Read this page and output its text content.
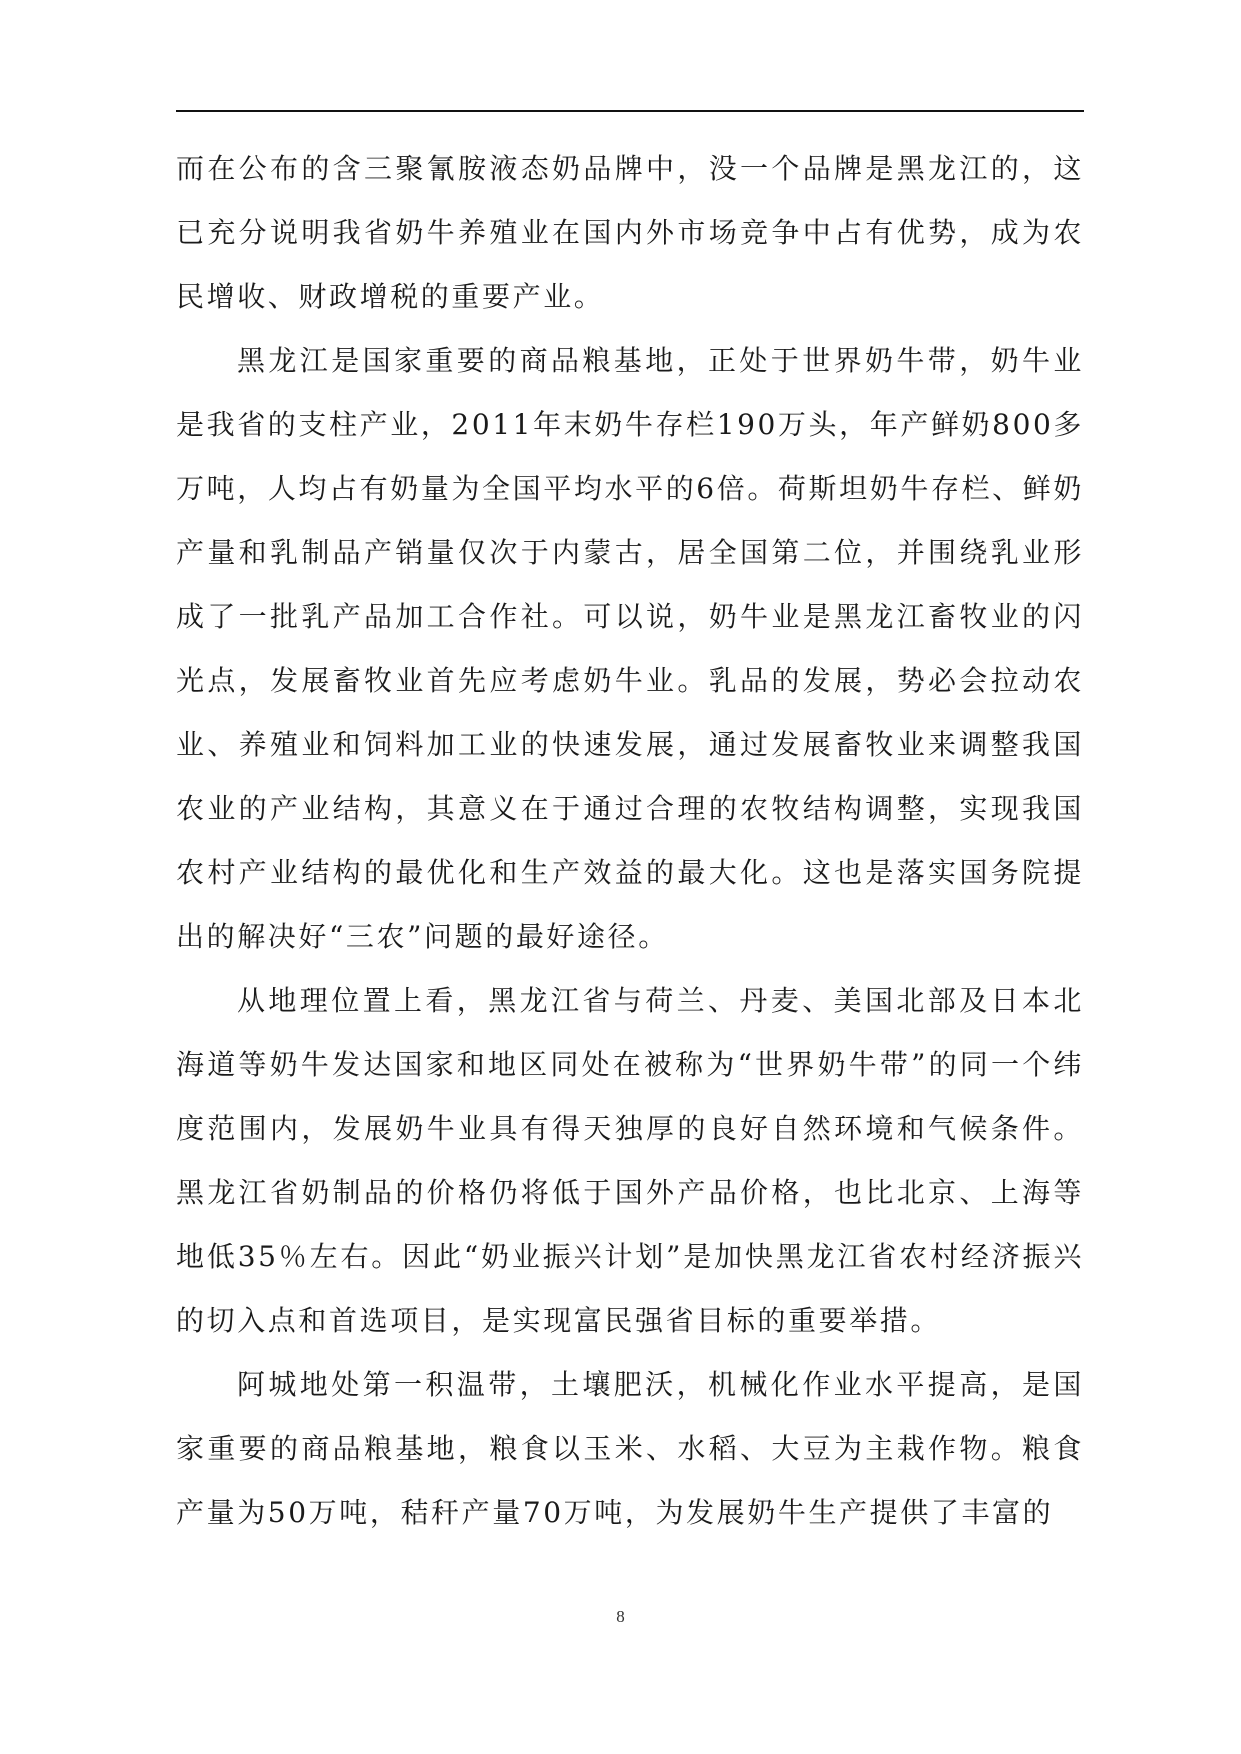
而在公布的含三聚氰胺液态奶品牌中，没一个品牌是黑龙江的，这已充分说明我省奶牛养殖业在国内外市场竞争中占有优势，成为农民增收、财政增税的重要产业。

黑龙江是国家重要的商品粮基地，正处于世界奶牛带，奶牛业是我省的支柱产业，2011年末奶牛存栏190万头，年产鲜奶800多万吨，人均占有奶量为全国平均水平的6倍。荷斯坦奶牛存栏、鲜奶产量和乳制品产销量仅次于内蒙古，居全国第二位，并围绕乳业形成了一批乳产品加工合作社。可以说，奶牛业是黑龙江畜牧业的闪光点，发展畜牧业首先应考虑奶牛业。乳品的发展，势必会拉动农业、养殖业和饲料加工业的快速发展，通过发展畜牧业来调整我国农业的产业结构，其意义在于通过合理的农牧结构调整，实现我国农村产业结构的最优化和生产效益的最大化。这也是落实国务院提出的解决好“三农”问题的最好途径。

从地理位置上看，黑龙江省与荷兰、丹麦、美国北部及日本北海道等奶牛发达国家和地区同处在被称为“世界奶牛带”的同一个纬度范围内，发展奶牛业具有得天独厚的良好自然环境和气候条件。黑龙江省奶制品的价格仍将低于国外产品价格，也比北京、上海等地低35％左右。因此“奶业振兴计划”是加快黑龙江省农村经济振兴的切入点和首选项目，是实现富民强省目标的重要举措。

阿城地处第一积温带，土壤肥沃，机械化作业水平提高，是国家重要的商品粮基地，粮食以玉米、水稻、大豆为主栽作物。粮食产量为50万吨，秸秆产量70万吨，为发展奶牛生产提供了丰富的

8
